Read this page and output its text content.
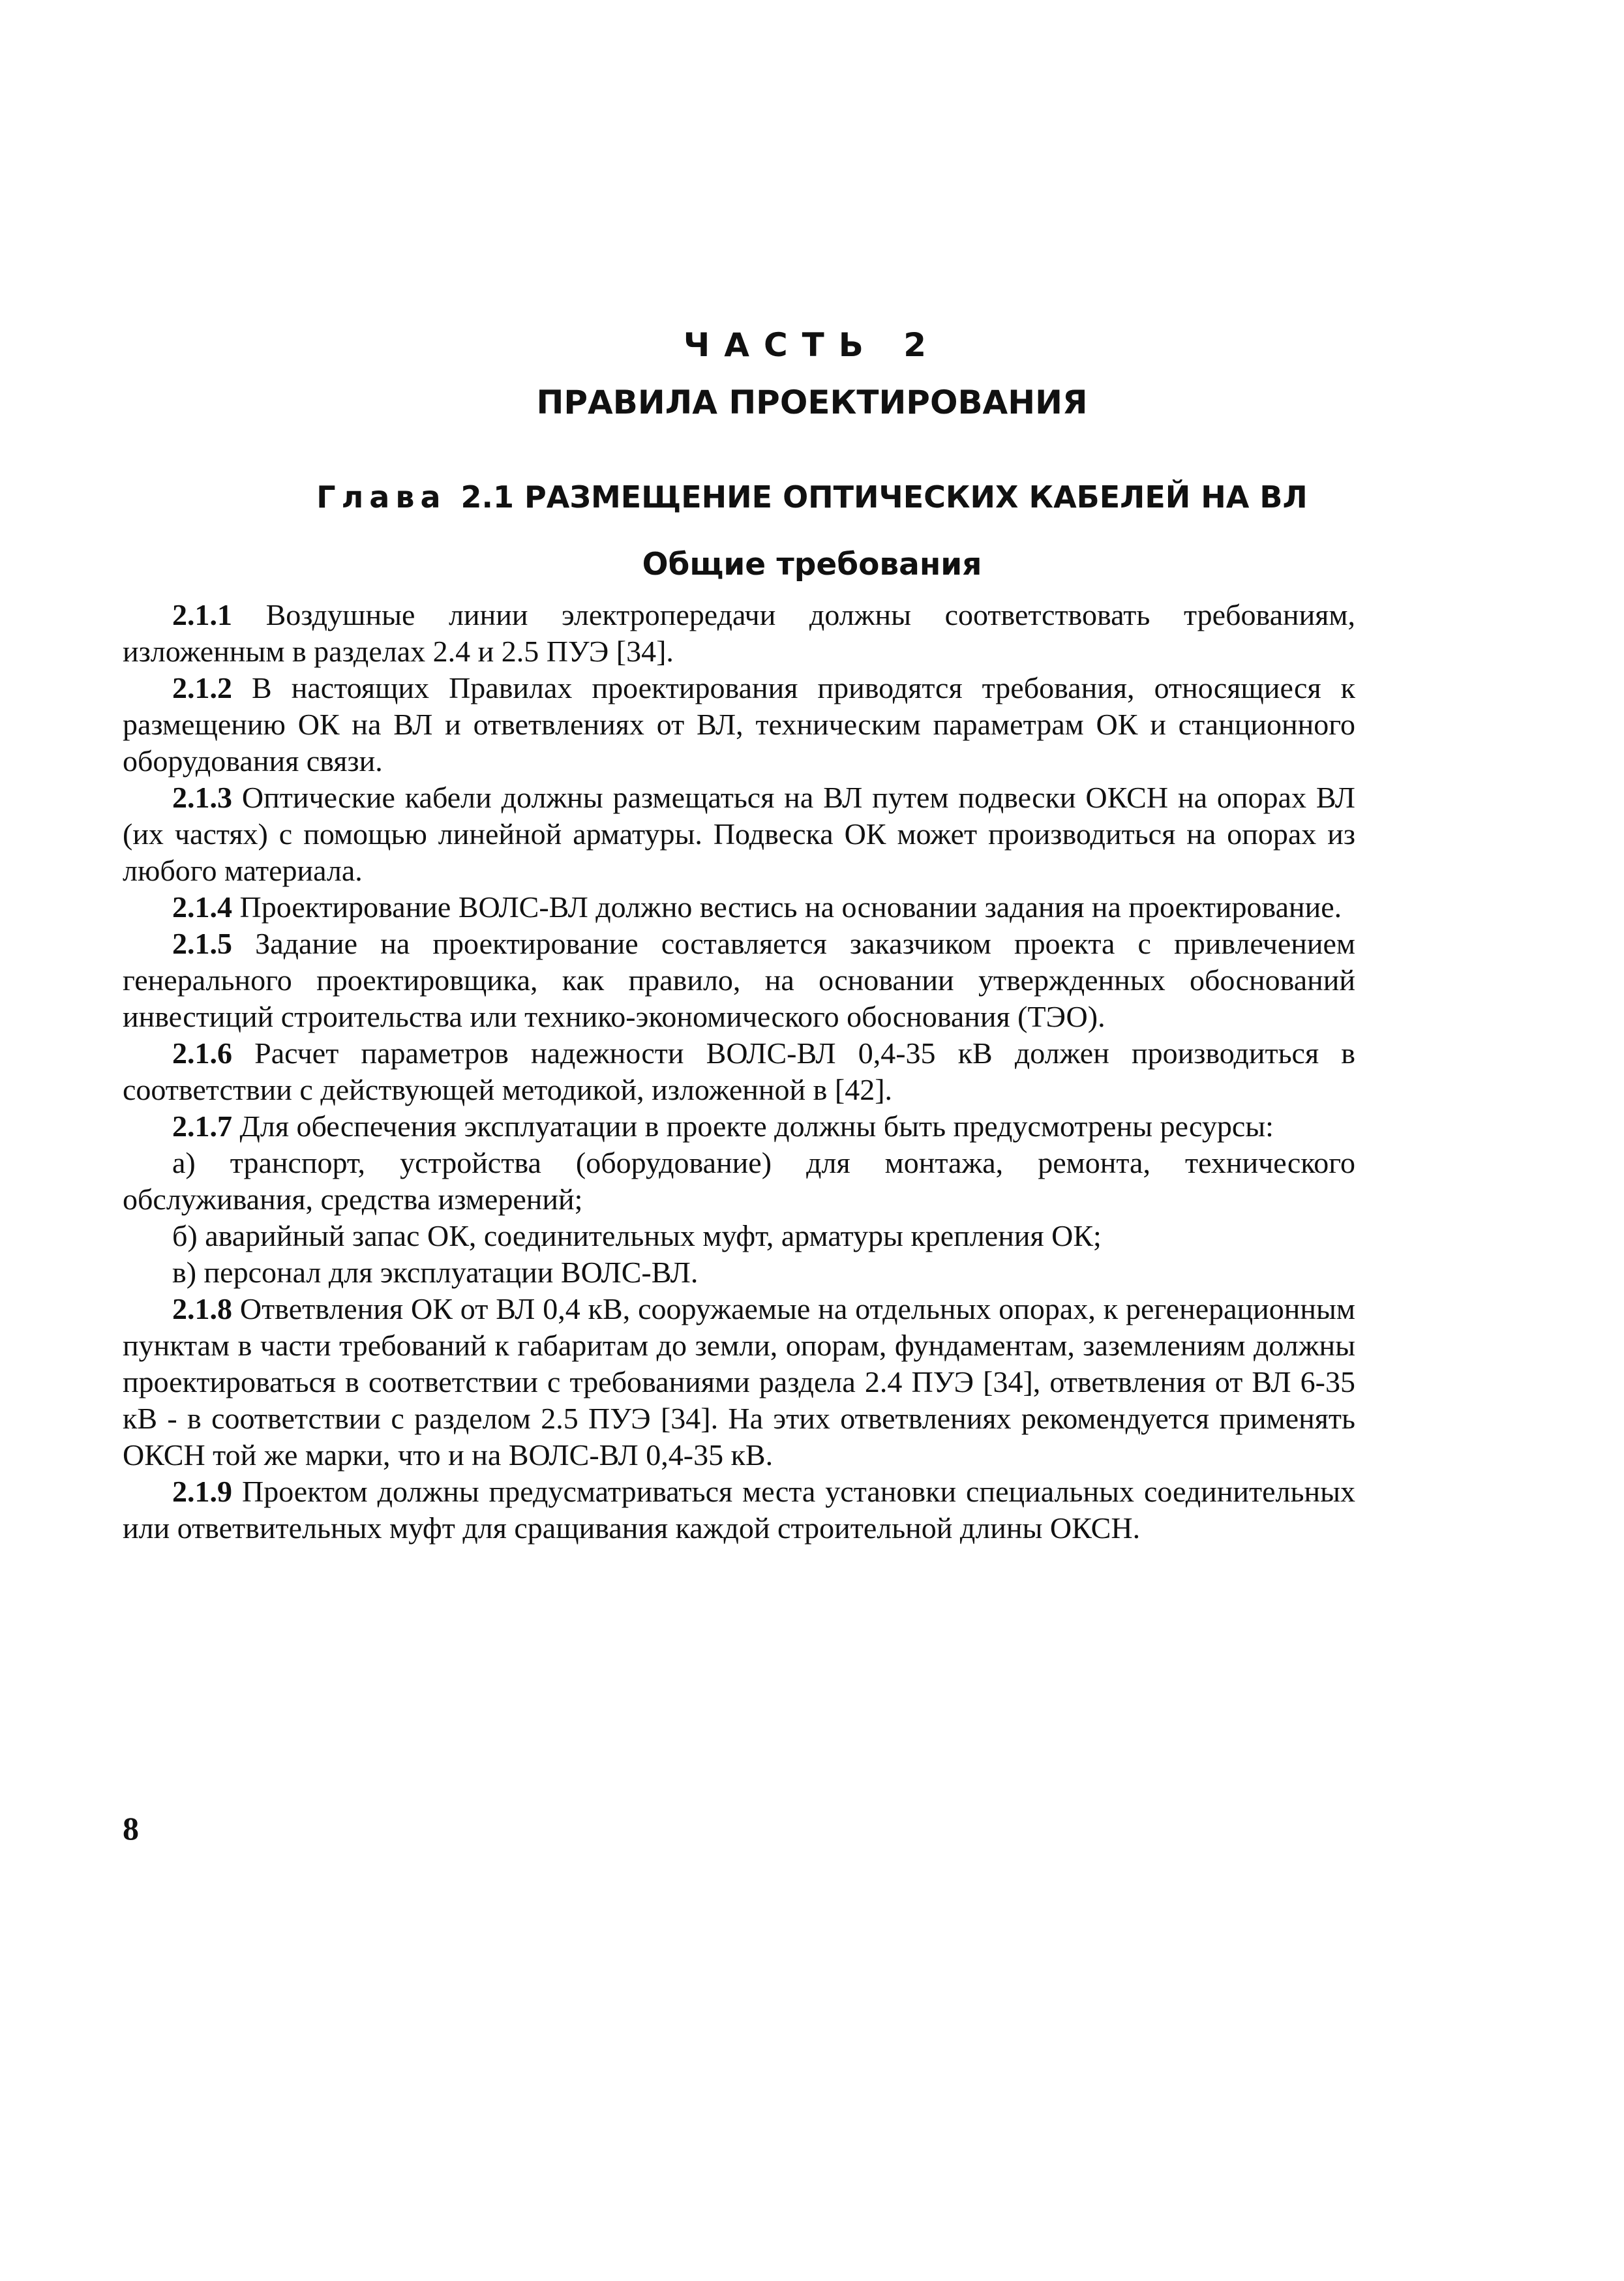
ЧАСТЬ 2
ПРАВИЛА ПРОЕКТИРОВАНИЯ
Глава 2.1 РАЗМЕЩЕНИЕ ОПТИЧЕСКИХ КАБЕЛЕЙ НА ВЛ
Общие требования

2.1.1 Воздушные линии электропередачи должны соответствовать требованиям, изложенным в разделах 2.4 и 2.5 ПУЭ [34].

2.1.2 В настоящих Правилах проектирования приводятся требования, относящиеся к размещению ОК на ВЛ и ответвлениях от ВЛ, техническим параметрам ОК и станционного оборудования связи.

2.1.3 Оптические кабели должны размещаться на ВЛ путем подвески ОКСН на опорах ВЛ (их частях) с помощью линейной арматуры. Подвеска ОК может производиться на опорах из любого материала.

2.1.4 Проектирование ВОЛС-ВЛ должно вестись на основании задания на проектирование.

2.1.5 Задание на проектирование составляется заказчиком проекта с привлечением генерального проектировщика, как правило, на основании утвержденных обоснований инвестиций строительства или технико-экономического обоснования (ТЭО).

2.1.6 Расчет параметров надежности ВОЛС-ВЛ 0,4-35 кВ должен производиться в соответствии с действующей методикой, изложенной в [42].

2.1.7 Для обеспечения эксплуатации в проекте должны быть предусмотрены ресурсы:

а) транспорт, устройства (оборудование) для монтажа, ремонта, технического обслуживания, средства измерений;

б) аварийный запас ОК, соединительных муфт, арматуры крепления ОК;

в) персонал для эксплуатации ВОЛС-ВЛ.

2.1.8 Ответвления ОК от ВЛ 0,4 кВ, сооружаемые на отдельных опорах, к регенерационным пунктам в части требований к габаритам до земли, опорам, фундаментам, заземлениям должны проектироваться в соответствии с требованиями раздела 2.4 ПУЭ [34], ответвления от ВЛ 6-35 кВ - в соответствии с разделом 2.5 ПУЭ [34]. На этих ответвлениях рекомендуется применять ОКСН той же марки, что и на ВОЛС-ВЛ 0,4-35 кВ.

2.1.9 Проектом должны предусматриваться места установки специальных соединительных или ответвительных муфт для сращивания каждой строительной длины ОКСН.

8
